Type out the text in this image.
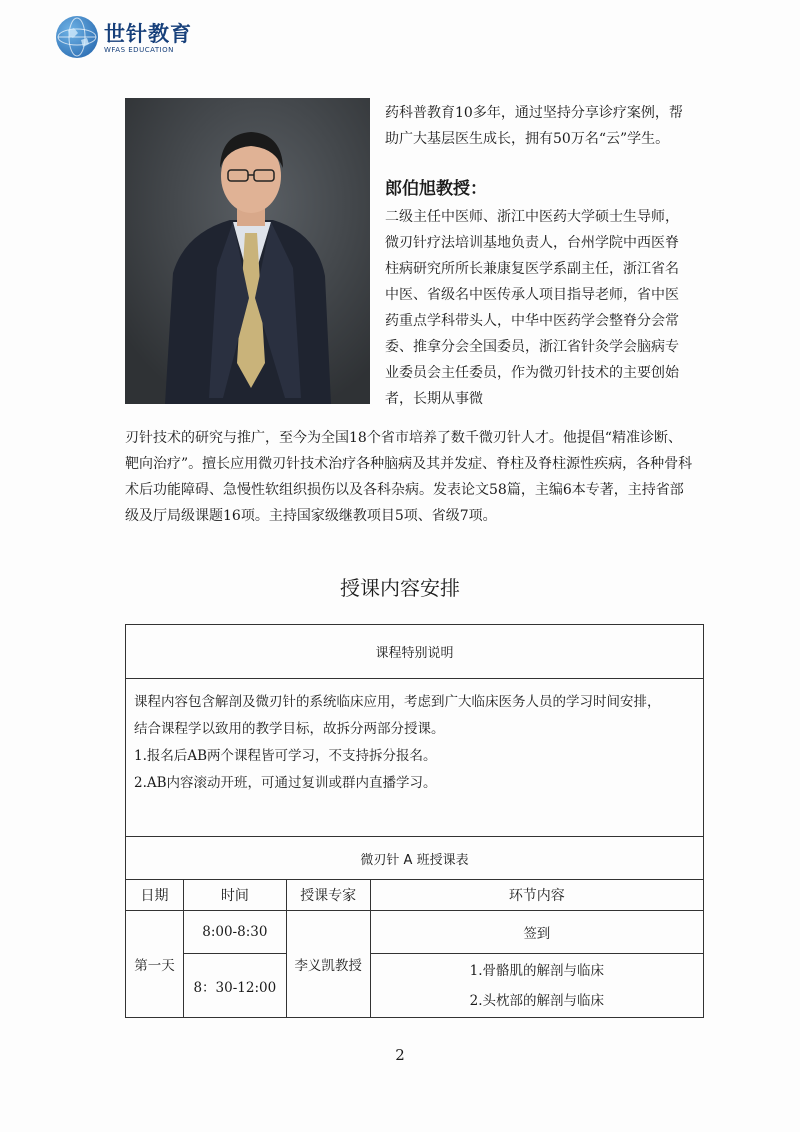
世针教育
WFAS EDUCATION

药科普教育10多年，通过坚持分享诊疗案例，帮助广大基层医生成长，拥有50万名“云”学生。

郎伯旭教授：

二级主任中医师、浙江中医药大学硕士生导师，微刃针疗法培训基地负责人，台州学院中西医脊柱病研究所所长兼康复医学系副主任，浙江省名中医、省级名中医传承人项目指导老师，省中医药重点学科带头人，中华中医药学会整脊分会常委、推拿分会全国委员，浙江省针灸学会脑病专业委员会主任委员，作为微刃针技术的主要创始者，长期从事微

刃针技术的研究与推广，至今为全国18个省市培养了数千微刃针人才。他提倡“精准诊断、靶向治疗”。擅长应用微刃针技术治疗各种脑病及其并发症、脊柱及脊柱源性疾病，各种骨科术后功能障碍、急慢性软组织损伤以及各科杂病。发表论文58篇，主编6本专著，主持省部级及厅局级课题16项。主持国家级继教项目5项、省级7项。

授课内容安排
课程特别说明

课程内容包含解剖及微刃针的系统临床应用，考虑到广大临床医务人员的学习时间安排，

结合课程学以致用的教学目标，故拆分两部分授课。

1.报名后AB两个课程皆可学习，不支持拆分报名。

2.AB内容滚动开班，可通过复训或群内直播学习。

微刃针 A 班授课表
日期	时间	授课专家	环节内容
第一天	8:00-8:30	李义凯教授	签到
	8：30-12:00		1.骨骼肌的解剖与临床
2.头枕部的解剖与临床
2
